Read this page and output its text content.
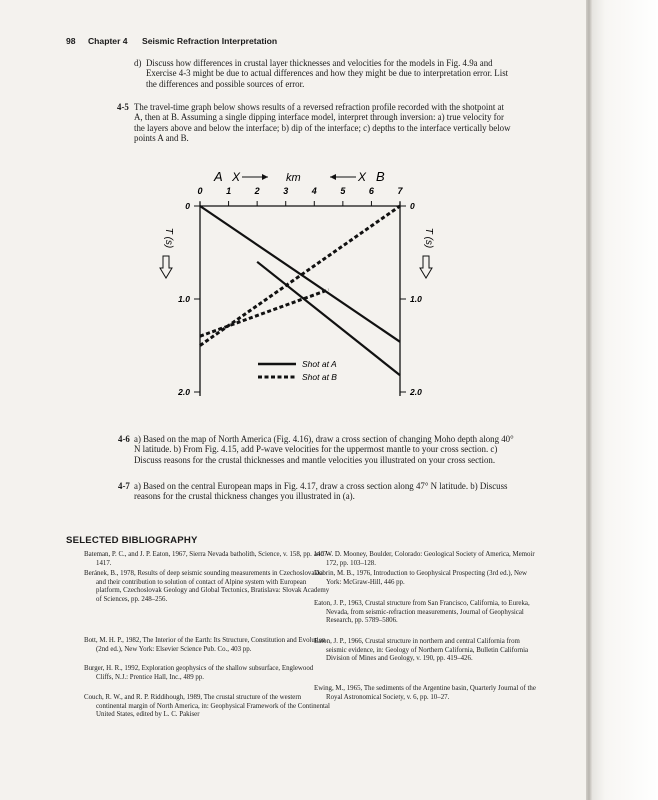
98 Chapter 4 Seismic Refraction Interpretation
d) Discuss how differences in crustal layer thicknesses and velocities for the models in Fig. 4.9a and Exercise 4-3 might be due to actual differences and how they might be due to interpretation error. List the differences and possible sources of error.

4-5 The travel-time graph below shows results of a reversed refraction profile recorded with the shotpoint at A, then at B. Assuming a single dipping interface model, interpret through inversion: a) true velocity for the layers above and below the interface; b) dip of the interface; c) depths to the interface vertically below points A and B.

0	1	2	3	4	5	6	7
0	0
1.0	1.0
2.0	2.0
A X	km	X B
T (s)	T (s)
Shot at A
Shot at B
4-6 a) Based on the map of North America (Fig. 4.16), draw a cross section of changing Moho depth along 40° N latitude. b) From Fig. 4.15, add P-wave velocities for the uppermost mantle to your cross section. c) Discuss reasons for the crustal thicknesses and mantle velocities you illustrated on your cross section.

4-7 a) Based on the central European maps in Fig. 4.17, draw a cross section along 47° N latitude. b) Discuss reasons for the crustal thickness changes you illustrated in (a).

SELECTED BIBLIOGRAPHY
Bateman, P. C., and J. P. Eaton, 1967, Sierra Nevada batholith, Science, v. 158, pp. 1407–1417.
Beránek, B., 1978, Results of deep seismic sounding measurements in Czechoslovakia and their contribution to solution of contact of Alpine system with European platform, Czechoslovak Geology and Global Tectonics, Bratislava: Slovak Academy of Sciences, pp. 248–256.
Bott, M. H. P., 1982, The Interior of the Earth: Its Structure, Constitution and Evolution (2nd ed.), New York: Elsevier Science Pub. Co., 403 pp.
Burger, H. R., 1992, Exploration geophysics of the shallow subsurface, Englewood Cliffs, N.J.: Prentice Hall, Inc., 489 pp.
Couch, R. W., and R. P. Riddihough, 1989, The crustal structure of the western continental margin of North America, in: Geophysical Framework of the Continental United States, edited by L. C. Pakiser
and W. D. Mooney, Boulder, Colorado: Geological Society of America, Memoir 172, pp. 103–128.
Dobrin, M. B., 1976, Introduction to Geophysical Prospecting (3rd ed.), New York: McGraw-Hill, 446 pp.
Eaton, J. P., 1963, Crustal structure from San Francisco, California, to Eureka, Nevada, from seismic-refraction measurements, Journal of Geophysical Research, pp. 5789–5806.
Eaton, J. P., 1966, Crustal structure in northern and central California from seismic evidence, in: Geology of Northern California, Bulletin California Division of Mines and Geology, v. 190, pp. 419–426.
Ewing, M., 1965, The sediments of the Argentine basin, Quarterly Journal of the Royal Astronomical Society, v. 6, pp. 10–27.
